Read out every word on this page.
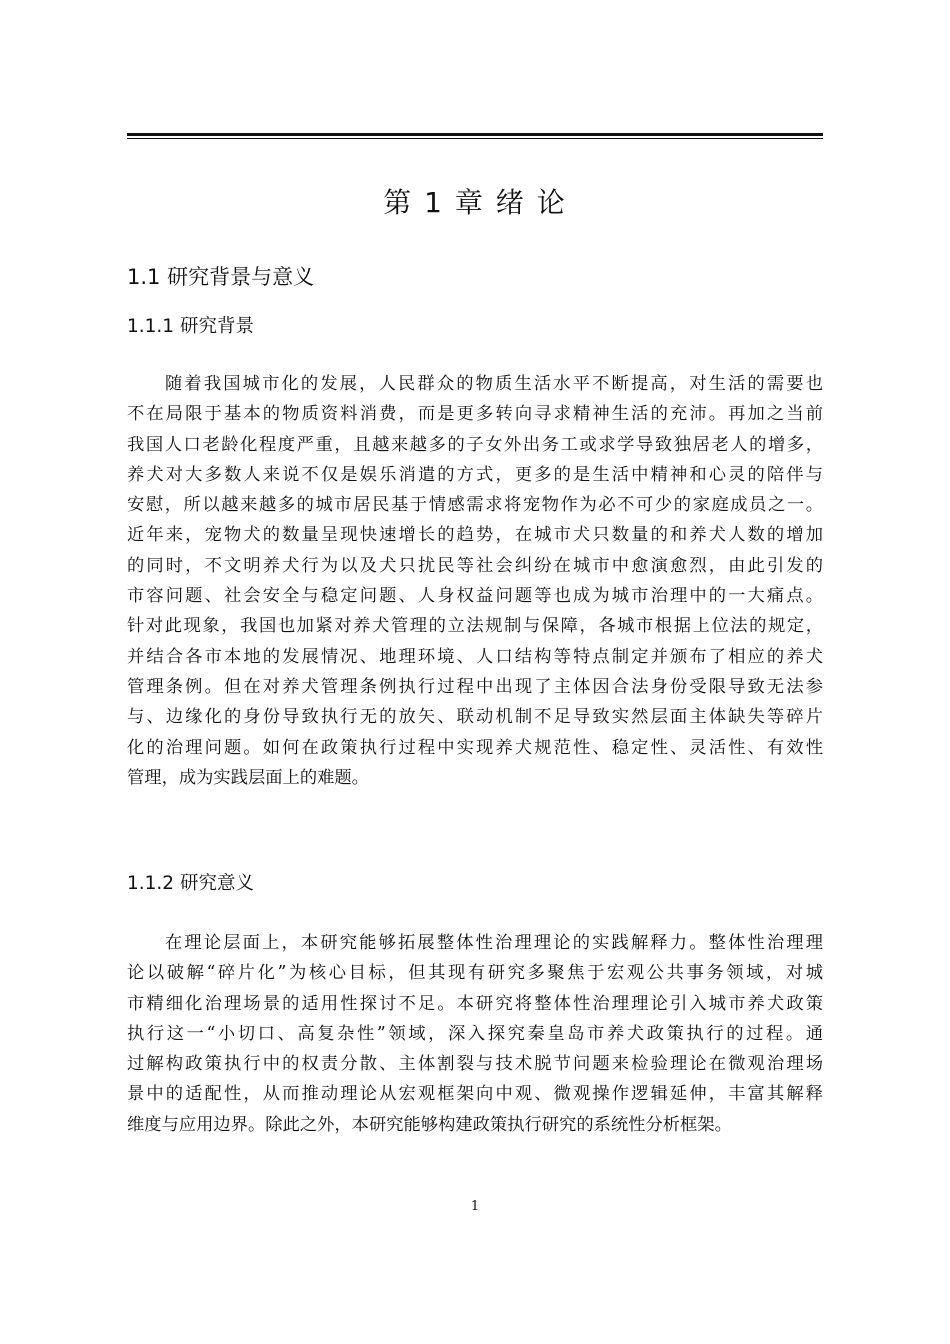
第 1 章 绪 论
1.1 研究背景与意义
1.1.1 研究背景
随着我国城市化的发展，人民群众的物质生活水平不断提高，对生活的需要也
不在局限于基本的物质资料消费，而是更多转向寻求精神生活的充沛。再加之当前
我国人口老龄化程度严重，且越来越多的子女外出务工或求学导致独居老人的增多，
养犬对大多数人来说不仅是娱乐消遣的方式，更多的是生活中精神和心灵的陪伴与
安慰，所以越来越多的城市居民基于情感需求将宠物作为必不可少的家庭成员之一。
近年来，宠物犬的数量呈现快速增长的趋势，在城市犬只数量的和养犬人数的增加
的同时，不文明养犬行为以及犬只扰民等社会纠纷在城市中愈演愈烈，由此引发的
市容问题、社会安全与稳定问题、人身权益问题等也成为城市治理中的一大痛点。
针对此现象，我国也加紧对养犬管理的立法规制与保障，各城市根据上位法的规定，
并结合各市本地的发展情况、地理环境、人口结构等特点制定并颁布了相应的养犬
管理条例。但在对养犬管理条例执行过程中出现了主体因合法身份受限导致无法参
与、边缘化的身份导致执行无的放矢、联动机制不足导致实然层面主体缺失等碎片
化的治理问题。如何在政策执行过程中实现养犬规范性、稳定性、灵活性、有效性
管理，成为实践层面上的难题。
1.1.2 研究意义
在理论层面上，本研究能够拓展整体性治理理论的实践解释力。整体性治理理
论以破解“碎片化”为核心目标，但其现有研究多聚焦于宏观公共事务领域，对城
市精细化治理场景的适用性探讨不足。本研究将整体性治理理论引入城市养犬政策
执行这一“小切口、高复杂性”领域，深入探究秦皇岛市养犬政策执行的过程。通
过解构政策执行中的权责分散、主体割裂与技术脱节问题来检验理论在微观治理场
景中的适配性，从而推动理论从宏观框架向中观、微观操作逻辑延伸，丰富其解释
维度与应用边界。除此之外，本研究能够构建政策执行研究的系统性分析框架。
1
